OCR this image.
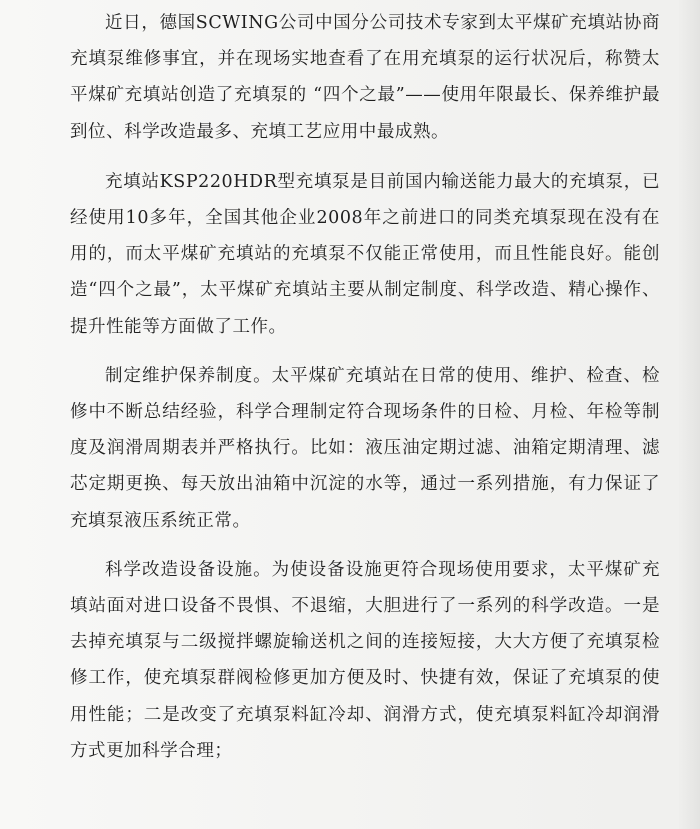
近日，德国SCWING公司中国分公司技术专家到太平煤矿充填站协商充填泵维修事宜，并在现场实地查看了在用充填泵的运行状况后，称赞太平煤矿充填站创造了充填泵的 “四个之最”——使用年限最长、保养维护最到位、科学改造最多、充填工艺应用中最成熟。

充填站KSP220HDR型充填泵是目前国内输送能力最大的充填泵，已经使用10多年，全国其他企业2008年之前进口的同类充填泵现在没有在用的，而太平煤矿充填站的充填泵不仅能正常使用，而且性能良好。能创造“四个之最”，太平煤矿充填站主要从制定制度、科学改造、精心操作、提升性能等方面做了工作。

制定维护保养制度。太平煤矿充填站在日常的使用、维护、检查、检修中不断总结经验，科学合理制定符合现场条件的日检、月检、年检等制度及润滑周期表并严格执行。比如：液压油定期过滤、油箱定期清理、滤芯定期更换、每天放出油箱中沉淀的水等，通过一系列措施，有力保证了充填泵液压系统正常。

科学改造设备设施。为使设备设施更符合现场使用要求，太平煤矿充填站面对进口设备不畏惧、不退缩，大胆进行了一系列的科学改造。一是去掉充填泵与二级搅拌螺旋输送机之间的连接短接，大大方便了充填泵检修工作，使充填泵群阀检修更加方便及时、快捷有效，保证了充填泵的使用性能；二是改变了充填泵料缸冷却、润滑方式，使充填泵料缸冷却润滑方式更加科学合理；
